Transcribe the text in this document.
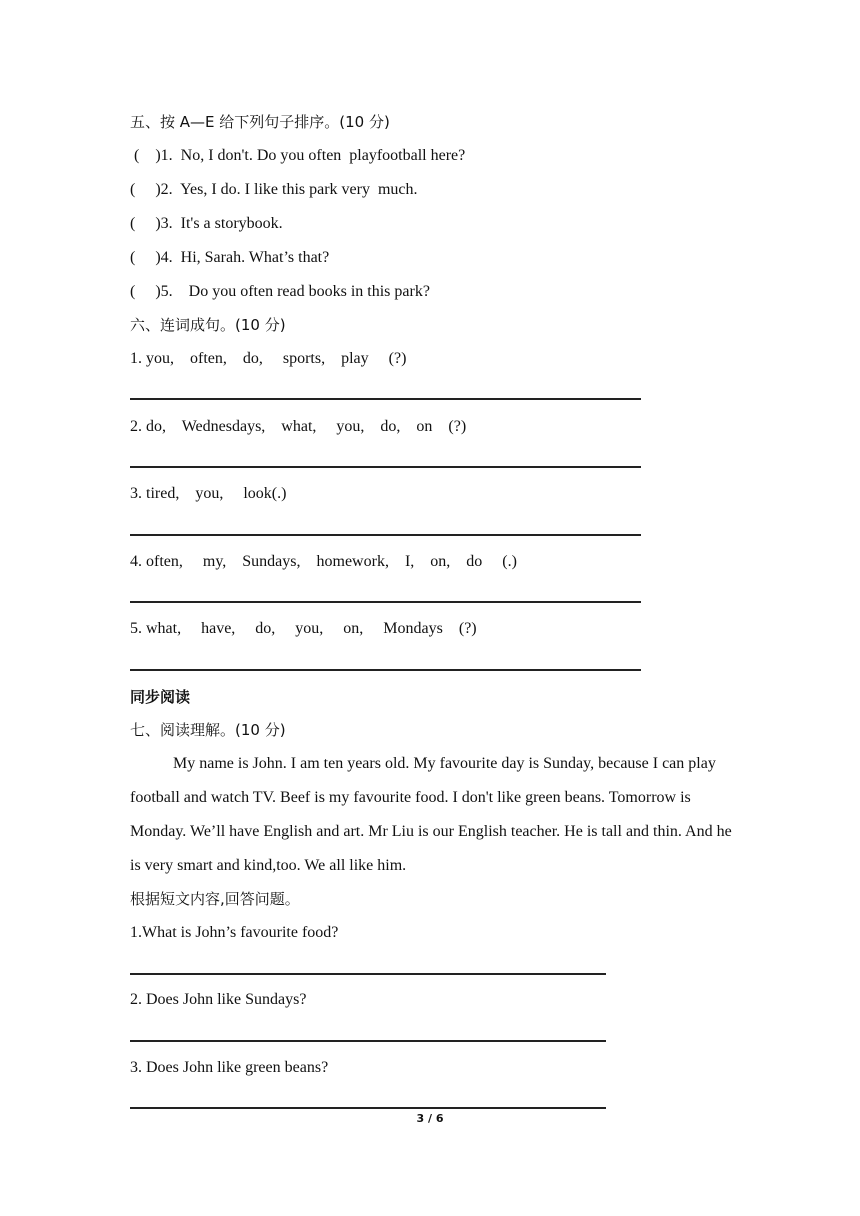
五、按 A—E 给下列句子排序。(10 分)
(    )1. No, I don't. Do you often  playfootball here?
(     )2. Yes, I do. I like this park very  much.
(     )3. It's a storybook.
(     )4. Hi, Sarah. What’s that?
(     )5.    Do you often read books in this park?
六、连词成句。(10 分)
1. you,    often,    do,     sports,    play     (?)
2. do,    Wednesdays,    what,     you,    do,    on    (?)
3. tired,    you,     look(.)
4. often,     my,    Sundays,    homework,    I,    on,    do     (.)
5. what,     have,     do,     you,     on,     Mondays    (?)
同步阅读
七、阅读理解。(10 分)
My name is John. I am ten years old. My favourite day is Sunday, because I can play football and watch TV. Beef is my favourite food. I don't like green beans. Tomorrow is Monday. We’ll have English and art. Mr Liu is our English teacher. He is tall and thin. And he is very smart and kind,too. We all like him.
根据短文内容,回答问题。
1.What is John’s favourite food?
2. Does John like Sundays?
3. Does John like green beans?
3 / 6
